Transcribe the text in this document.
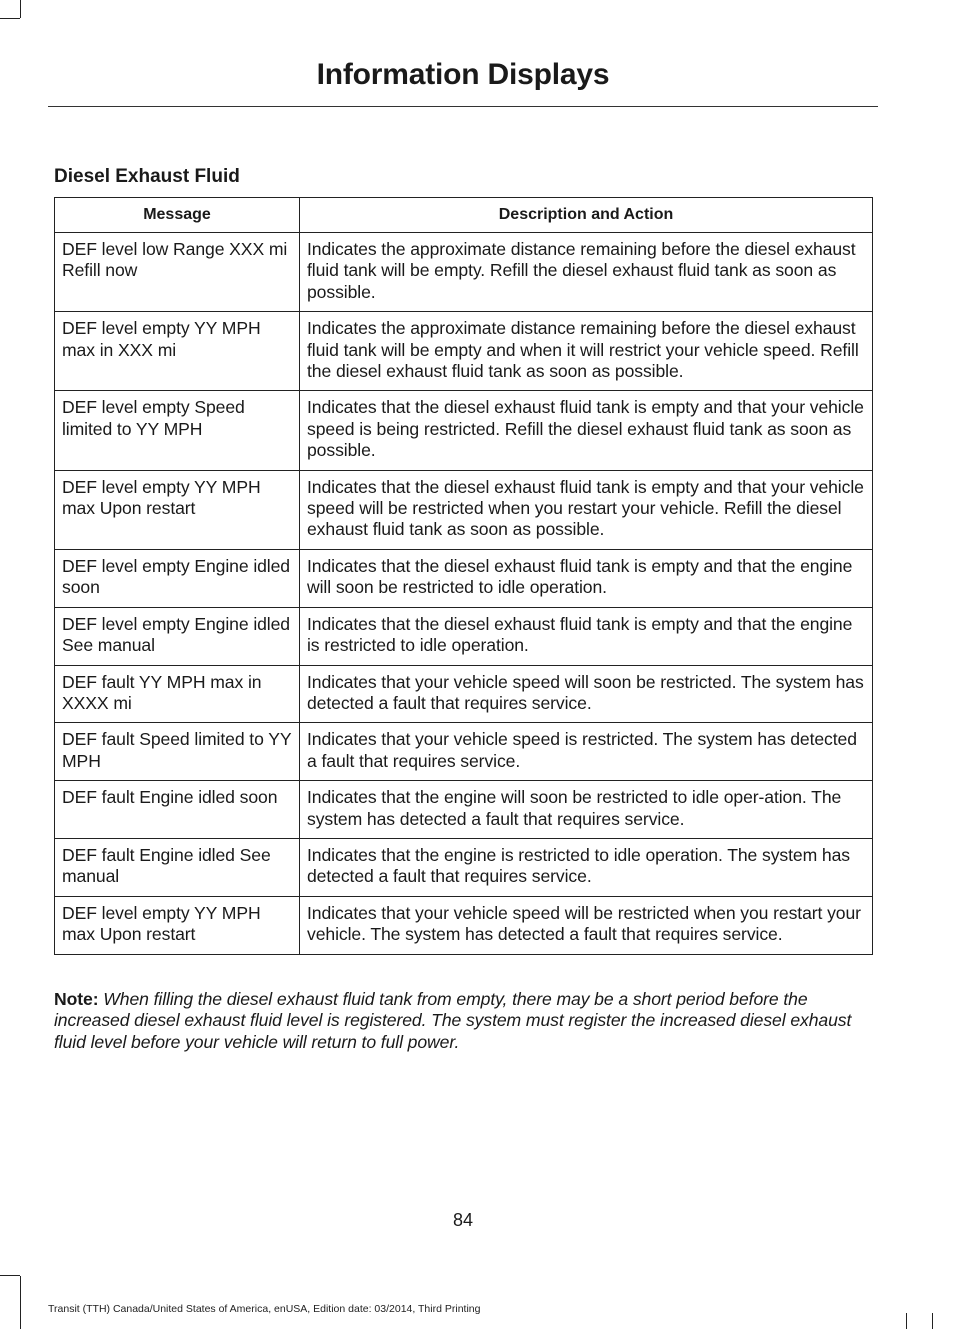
Information Displays
Diesel Exhaust Fluid
Message	Description and Action
DEF level low Range XXX mi Refill now	Indicates the approximate distance remaining before the diesel exhaust fluid tank will be empty. Refill the diesel exhaust fluid tank as soon as possible.
DEF level empty YY MPH max in XXX mi	Indicates the approximate distance remaining before the diesel exhaust fluid tank will be empty and when it will restrict your vehicle speed. Refill the diesel exhaust fluid tank as soon as possible.
DEF level empty Speed limited to YY MPH	Indicates that the diesel exhaust fluid tank is empty and that your vehicle speed is being restricted. Refill the diesel exhaust fluid tank as soon as possible.
DEF level empty YY MPH max Upon restart	Indicates that the diesel exhaust fluid tank is empty and that your vehicle speed will be restricted when you restart your vehicle. Refill the diesel exhaust fluid tank as soon as possible.
DEF level empty Engine idled soon	Indicates that the diesel exhaust fluid tank is empty and that the engine will soon be restricted to idle operation.
DEF level empty Engine idled See manual	Indicates that the diesel exhaust fluid tank is empty and that the engine is restricted to idle operation.
DEF fault YY MPH max in XXXX mi	Indicates that your vehicle speed will soon be restricted. The system has detected a fault that requires service.
DEF fault Speed limited to YY MPH	Indicates that your vehicle speed is restricted. The system has detected a fault that requires service.
DEF fault Engine idled soon	Indicates that the engine will soon be restricted to idle oper-ation. The system has detected a fault that requires service.
DEF fault Engine idled See manual	Indicates that the engine is restricted to idle operation. The system has detected a fault that requires service.
DEF level empty YY MPH max Upon restart	Indicates that your vehicle speed will be restricted when you restart your vehicle. The system has detected a fault that requires service.
Note: When filling the diesel exhaust fluid tank from empty, there may be a short period before the increased diesel exhaust fluid level is registered. The system must register the increased diesel exhaust fluid level before your vehicle will return to full power.
84
Transit (TTH) Canada/United States of America, enUSA, Edition date: 03/2014, Third Printing
